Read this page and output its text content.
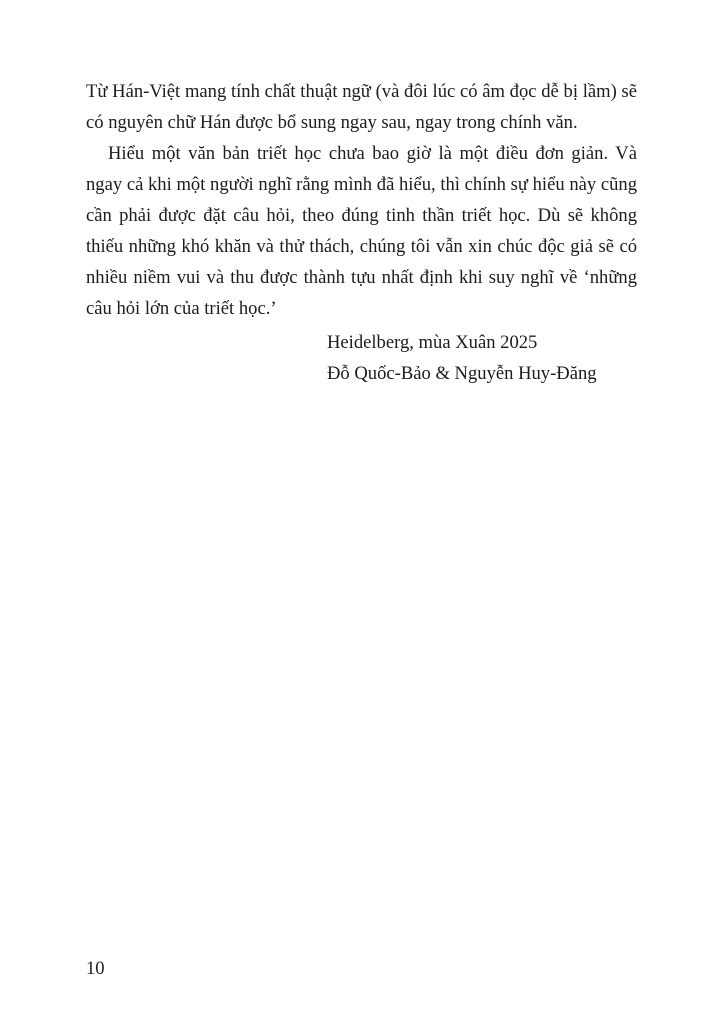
Từ Hán-Việt mang tính chất thuật ngữ (và đôi lúc có âm đọc dễ bị lầm) sẽ có nguyên chữ Hán được bổ sung ngay sau, ngay trong chính văn.

Hiểu một văn bản triết học chưa bao giờ là một điều đơn giản. Và ngay cả khi một người nghĩ rằng mình đã hiểu, thì chính sự hiểu này cũng cần phải được đặt câu hỏi, theo đúng tinh thần triết học. Dù sẽ không thiếu những khó khăn và thử thách, chúng tôi vẫn xin chúc độc giả sẽ có nhiều niềm vui và thu được thành tựu nhất định khi suy nghĩ về ‘những câu hỏi lớn của triết học.’

Heidelberg, mùa Xuân 2025
Đỗ Quốc-Bảo & Nguyễn Huy-Đăng
10
